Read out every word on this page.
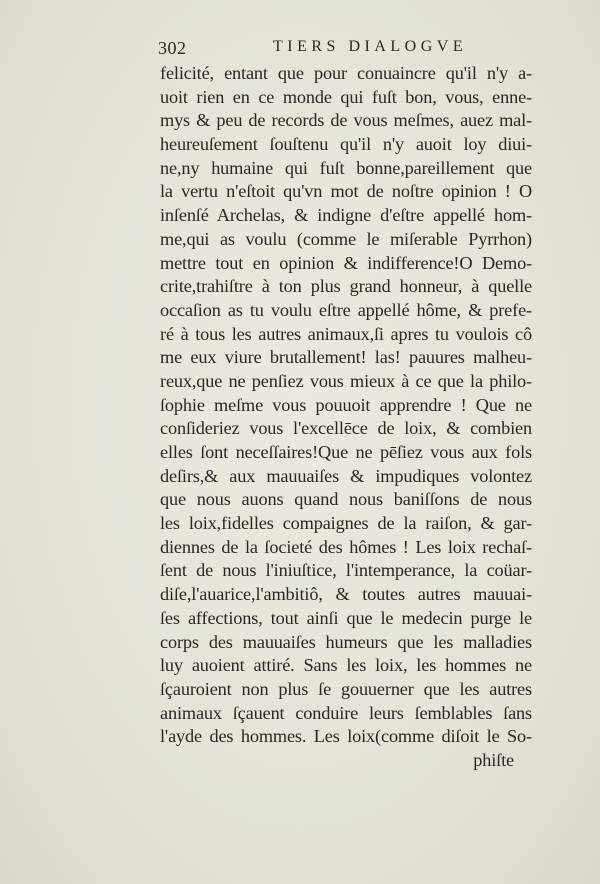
302	TIERS DIALOGVE
felicité, entant que pour conuaincre qu'il n'y a-
uoit rien en ce monde qui fuſt bon, vous, enne-
mys & peu de records de vous meſmes, auez mal-
heureuſement ſouſtenu qu'il n'y auoit loy diui-
ne,ny humaine qui fuſt bonne,pareillement que
la vertu n'eſtoit qu'vn mot de noſtre opinion ! O
inſenſé Archelas, & indigne d'eſtre appellé hom-
me,qui as voulu (comme le miſerable Pyrrhon)
mettre tout en opinion & indifference!O Demo-
crite,trahiſtre à ton plus grand honneur, à quelle
occaſion as tu voulu eſtre appellé hôme, & prefe-
ré à tous les autres animaux,ſi apres tu voulois cô
me eux viure brutallement! las! pauures malheu-
reux,que ne penſiez vous mieux à ce que la philo-
ſophie meſme vous pouuoit apprendre ! Que ne
conſideriez vous l'excellēce de loix, & combien
elles ſont neceſſaires!Que ne pēſiez vous aux fols
deſirs,& aux mauuaiſes & impudiques volontez
que nous auons quand nous baniſſons de nous
les loix,fidelles compaignes de la raiſon, & gar-
diennes de la ſocieté des hômes ! Les loix rechaſ-
ſent de nous l'iniuſtice, l'intemperance, la coüar-
diſe,l'auarice,l'ambitiô, & toutes autres mauuai-
ſes affections, tout ainſi que le medecin purge le
corps des mauuaiſes humeurs que les malladies
luy auoient attiré. Sans les loix, les hommes ne
ſçauroient non plus ſe gouuerner que les autres
animaux ſçauent conduire leurs ſemblables ſans
l'ayde des hommes. Les loix(comme diſoit le So-
phiſte
